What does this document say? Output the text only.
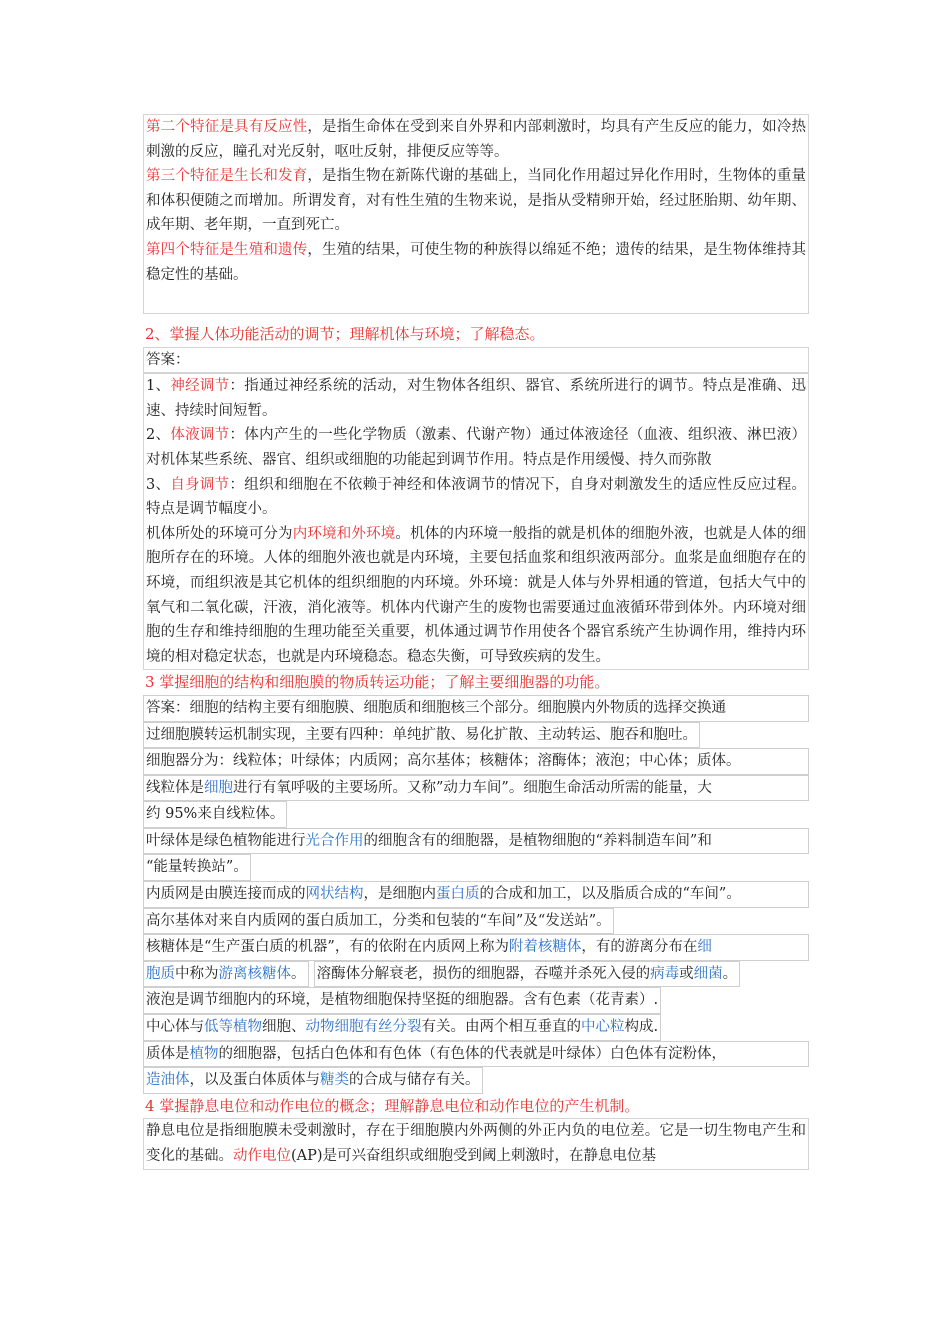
第二个特征是具有反应性，是指生命体在受到来自外界和内部刺激时，均具有产生反应的能力，如冷热刺激的反应，瞳孔对光反射，呕吐反射，排便反应等等。

第三个特征是生长和发育，是指生物在新陈代谢的基础上，当同化作用超过异化作用时，生物体的重量和体积便随之而增加。所谓发育，对有性生殖的生物来说，是指从受精卵开始，经过胚胎期、幼年期、成年期、老年期，一直到死亡。

第四个特征是生殖和遗传，生殖的结果，可使生物的种族得以绵延不绝；遗传的结果，是生物体维持其稳定性的基础。

2、掌握人体功能活动的调节；理解机体与环境；了解稳态。

答案：

1、神经调节：指通过神经系统的活动，对生物体各组织、器官、系统所进行的调节。特点是准确、迅速、持续时间短暂。

2、体液调节：体内产生的一些化学物质（激素、代谢产物）通过体液途径（血液、组织液、淋巴液）对机体某些系统、器官、组织或细胞的功能起到调节作用。特点是作用缓慢、持久而弥散

3、自身调节：组织和细胞在不依赖于神经和体液调节的情况下，自身对刺激发生的适应性反应过程。特点是调节幅度小。

机体所处的环境可分为内环境和外环境。机体的内环境一般指的就是机体的细胞外液，也就是人体的细胞所存在的环境。人体的细胞外液也就是内环境，主要包括血浆和组织液两部分。血浆是血细胞存在的环境，而组织液是其它机体的组织细胞的内环境。外环境：就是人体与外界相通的管道，包括大气中的氧气和二氧化碳，汗液，消化液等。机体内代谢产生的废物也需要通过血液循环带到体外。内环境对细胞的生存和维持细胞的生理功能至关重要，机体通过调节作用使各个器官系统产生协调作用，维持内环境的相对稳定状态，也就是内环境稳态。稳态失衡，可导致疾病的发生。

3 掌握细胞的结构和细胞膜的物质转运功能；了解主要细胞器的功能。

答案：细胞的结构主要有细胞膜、细胞质和细胞核三个部分。细胞膜内外物质的选择交换通

过细胞膜转运机制实现，主要有四种：单纯扩散、易化扩散、主动转运、胞吞和胞吐。

细胞器分为：线粒体；叶绿体；内质网；高尔基体；核糖体；溶酶体；液泡；中心体；质体。

线粒体是细胞进行有氧呼吸的主要场所。又称”动力车间”。细胞生命活动所需的能量，大

约 95%来自线粒体。

叶绿体是绿色植物能进行光合作用的细胞含有的细胞器，是植物细胞的“养料制造车间”和

“能量转换站”。

内质网是由膜连接而成的网状结构，是细胞内蛋白质的合成和加工，以及脂质合成的“车间”。

高尔基体对来自内质网的蛋白质加工，分类和包装的“车间”及“发送站”。

核糖体是“生产蛋白质的机器”，有的依附在内质网上称为附着核糖体，有的游离分布在细

胞质中称为游离核糖体。

溶酶体分解衰老，损伤的细胞器，吞噬并杀死入侵的病毒或细菌。

液泡是调节细胞内的环境，是植物细胞保持坚挺的细胞器。含有色素（花青素）.

中心体与低等植物细胞、动物细胞有丝分裂有关。由两个相互垂直的中心粒构成.

质体是植物的细胞器，包括白色体和有色体（有色体的代表就是叶绿体）白色体有淀粉体，

造油体，以及蛋白体质体与糖类的合成与储存有关。

4 掌握静息电位和动作电位的概念；理解静息电位和动作电位的产生机制。

静息电位是指细胞膜未受刺激时，存在于细胞膜内外两侧的外正内负的电位差。它是一切生物电产生和变化的基础。动作电位(AP)是可兴奋组织或细胞受到阈上刺激时，在静息电位基
